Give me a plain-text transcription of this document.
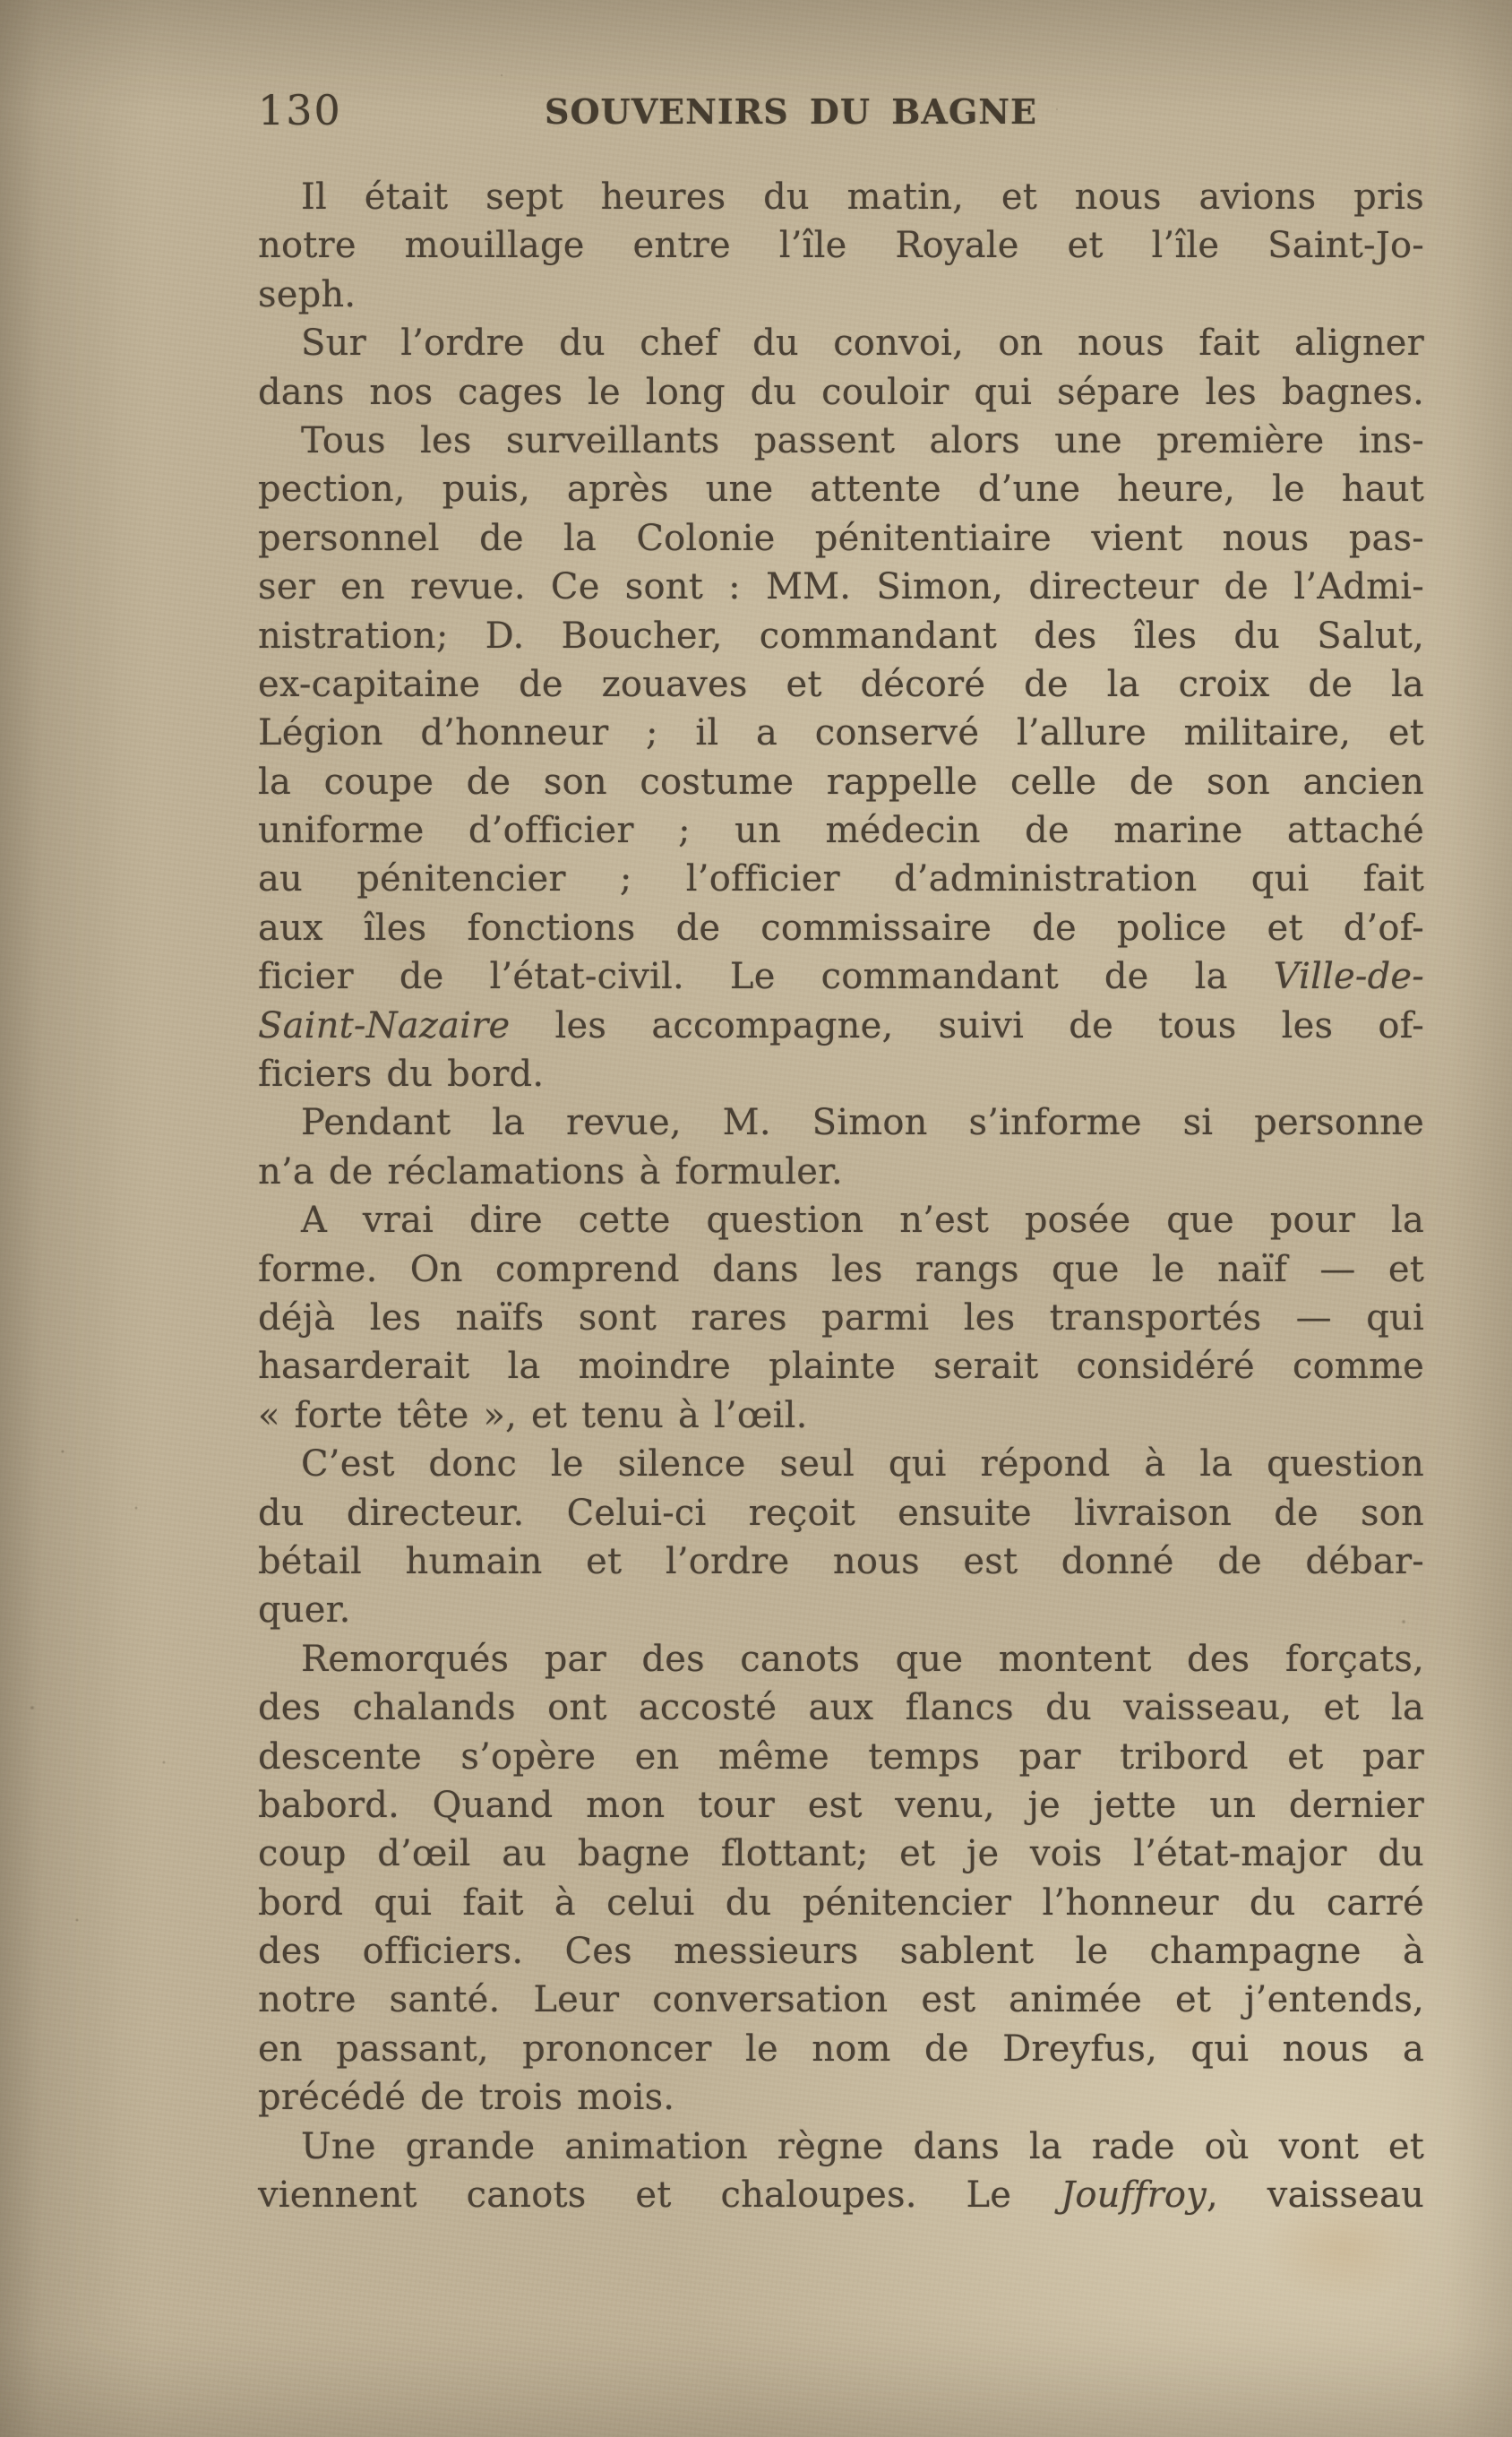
130	SOUVENIRS DU BAGNE
Il était sept heures du matin, et nous avions pris
notre mouillage entre l’île Royale et l’île Saint-Jo-
seph.
Sur l’ordre du chef du convoi, on nous fait aligner
dans nos cages le long du couloir qui sépare les bagnes.
Tous les surveillants passent alors une première ins-
pection, puis, après une attente d’une heure, le haut
personnel de la Colonie pénitentiaire vient nous pas-
ser en revue. Ce sont : MM. Simon, directeur de l’Admi-
nistration; D. Boucher, commandant des îles du Salut,
ex-capitaine de zouaves et décoré de la croix de la
Légion d’honneur ; il a conservé l’allure militaire, et
la coupe de son costume rappelle celle de son ancien
uniforme d’officier ; un médecin de marine attaché
au pénitencier ; l’officier d’administration qui fait
aux îles fonctions de commissaire de police et d’of-
ficier de l’état-civil. Le commandant de la Ville-de-
Saint-Nazaire les accompagne, suivi de tous les of-
ficiers du bord.
Pendant la revue, M. Simon s’informe si personne
n’a de réclamations à formuler.
A vrai dire cette question n’est posée que pour la
forme. On comprend dans les rangs que le naïf — et
déjà les naïfs sont rares parmi les transportés — qui
hasarderait la moindre plainte serait considéré comme
« forte tête », et tenu à l’œil.
C’est donc le silence seul qui répond à la question
du directeur. Celui-ci reçoit ensuite livraison de son
bétail humain et l’ordre nous est donné de débar-
quer.
Remorqués par des canots que montent des forçats,
des chalands ont accosté aux flancs du vaisseau, et la
descente s’opère en même temps par tribord et par
babord. Quand mon tour est venu, je jette un dernier
coup d’œil au bagne flottant; et je vois l’état-major du
bord qui fait à celui du pénitencier l’honneur du carré
des officiers. Ces messieurs sablent le champagne à
notre santé. Leur conversation est animée et j’entends,
en passant, prononcer le nom de Dreyfus, qui nous a
précédé de trois mois.
Une grande animation règne dans la rade où vont et
viennent canots et chaloupes. Le Jouffroy, vaisseau
